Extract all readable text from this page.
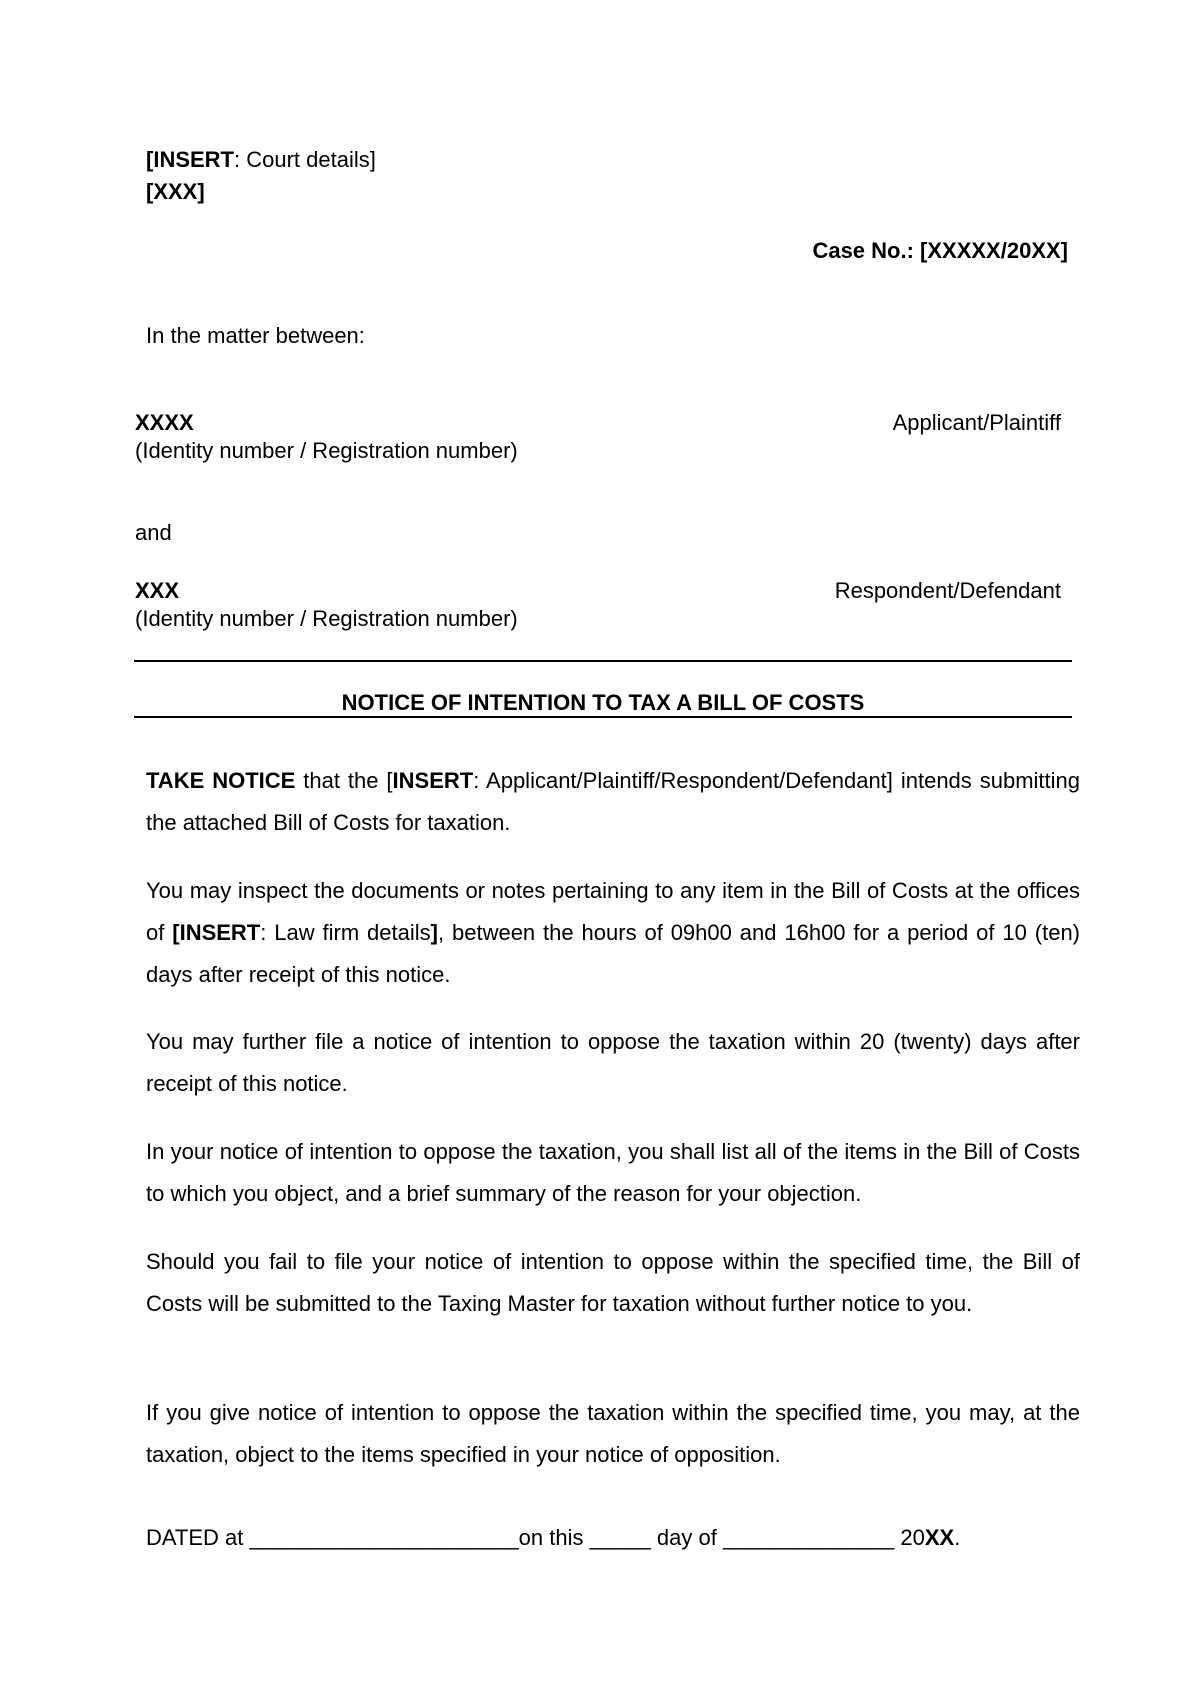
[INSERT: Court details]
[XXX]
Case No.: [XXXXX/20XX]
In the matter between:
XXXX	Applicant/Plaintiff
(Identity number / Registration number)
and
XXX	Respondent/Defendant
(Identity number / Registration number)
NOTICE OF INTENTION TO TAX A BILL OF COSTS
TAKE NOTICE that the [INSERT: Applicant/Plaintiff/Respondent/Defendant] intends submitting the attached Bill of Costs for taxation.
You may inspect the documents or notes pertaining to any item in the Bill of Costs at the offices of [INSERT: Law firm details], between the hours of 09h00 and 16h00 for a period of 10 (ten) days after receipt of this notice.
You may further file a notice of intention to oppose the taxation within 20 (twenty) days after receipt of this notice.
In your notice of intention to oppose the taxation, you shall list all of the items in the Bill of Costs to which you object, and a brief summary of the reason for your objection.
Should you fail to file your notice of intention to oppose within the specified time, the Bill of Costs will be submitted to the Taxing Master for taxation without further notice to you.
If you give notice of intention to oppose the taxation within the specified time, you may, at the taxation, object to the items specified in your notice of opposition.
DATED at ______________________on this _____ day of ______________ 20XX.
